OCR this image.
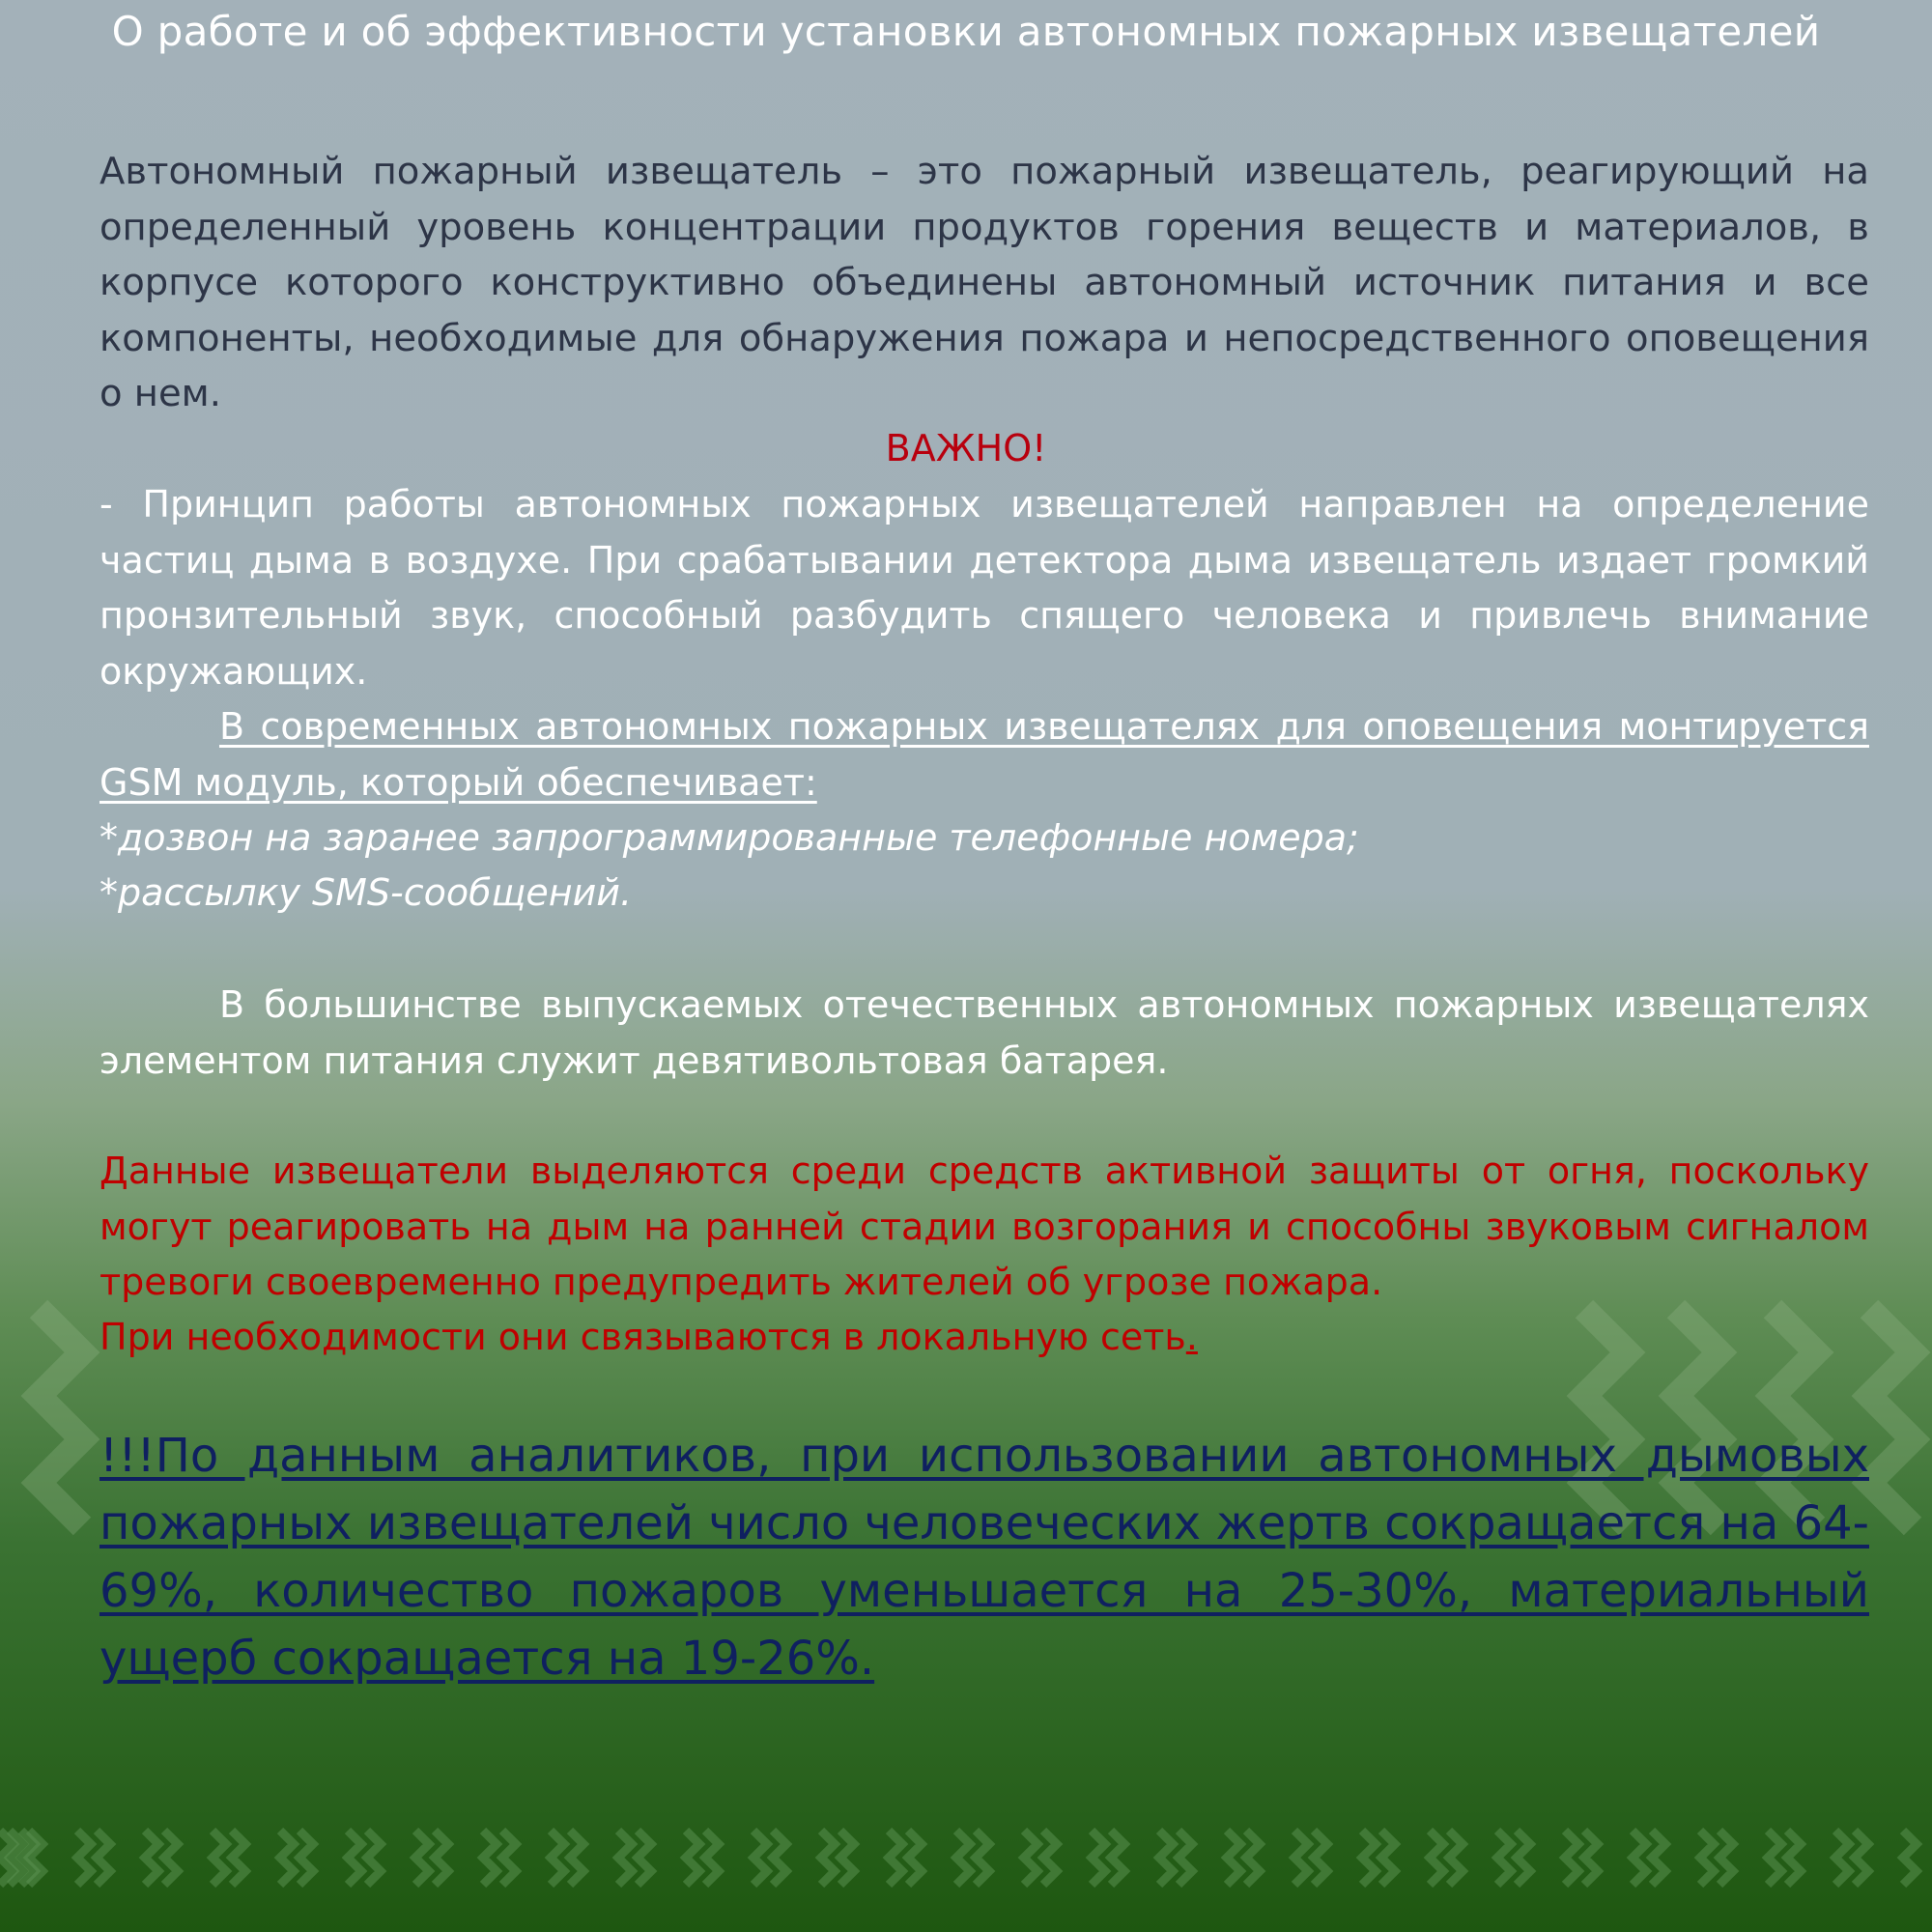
О работе и об эффективности установки автономных пожарных извещателей

Автономный пожарный извещатель – это пожарный извещатель, реагирующий на определенный уровень концентрации продуктов горения веществ и материалов, в корпусе которого конструктивно объединены автономный источник питания и все компоненты, необходимые для обнаружения пожара и непосредственного оповещения о нем.

ВАЖНО!

- Принцип работы автономных пожарных извещателей направлен на определение частиц дыма в воздухе. При срабатывании детектора дыма извещатель издает громкий пронзительный звук, способный разбудить спящего человека и привлечь внимание окружающих.

В современных автономных пожарных извещателях для оповещения монтируется GSM модуль, который обеспечивает:

*дозвон на заранее запрограммированные телефонные номера;
*рассылку SMS-сообщений.

В большинстве выпускаемых отечественных автономных пожарных извещателях элементом питания служит девятивольтовая батарея.

Данные извещатели выделяются среди средств активной защиты от огня, поскольку могут реагировать на дым на ранней стадии возгорания и способны звуковым сигналом тревоги своевременно предупредить жителей об угрозе пожара.

При необходимости они связываются в локальную сеть.

!!!По данным аналитиков, при использовании автономных дымовых пожарных извещателей число человеческих жертв сокращается на 64-69%, количество пожаров уменьшается на 25-30%, материальный ущерб сокращается на 19-26%.
